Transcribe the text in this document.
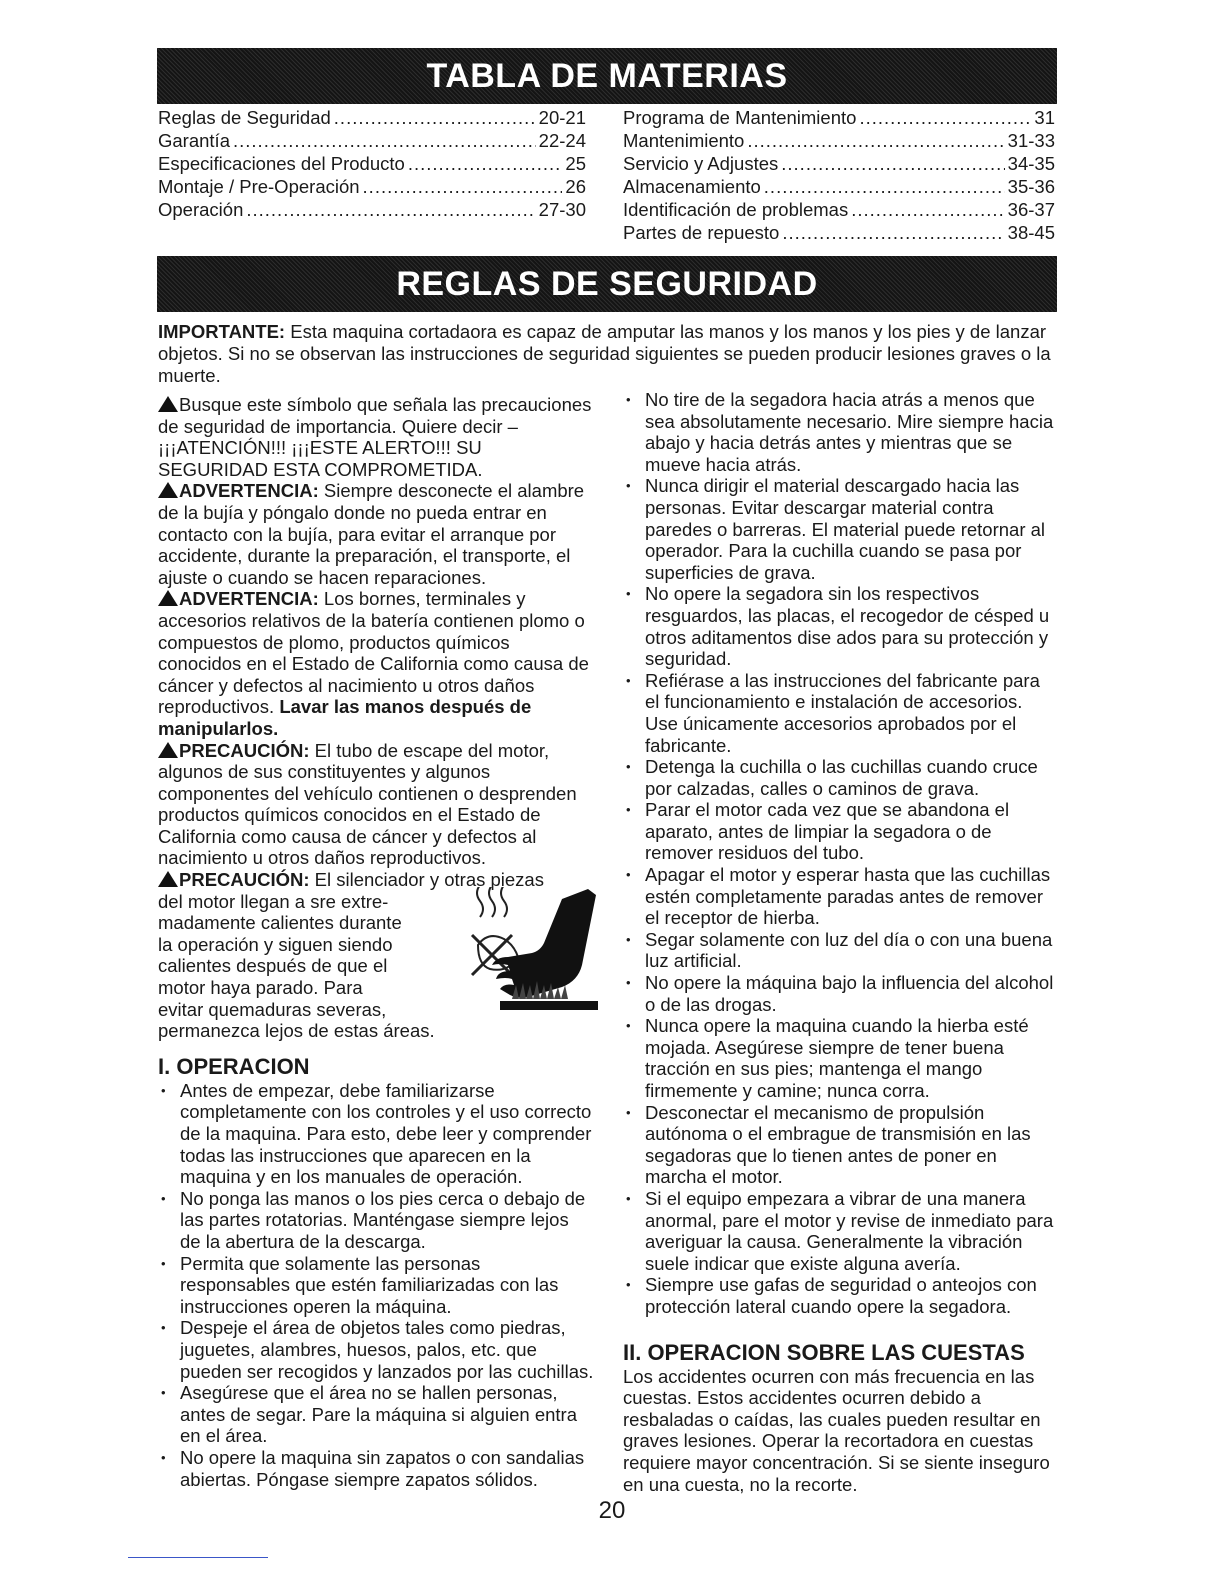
TABLA DE MATERIAS
Reglas de Seguridad .....	20-21
Garantía .....	22-24
Especificaciones del Producto .....	25
Montaje / Pre-Operación .....	26
Operación .....	27-30
Programa de Mantenimiento .....	31
Mantenimiento .....	31-33
Servicio y Adjustes .....	34-35
Almacenamiento .....	35-36
Identificación de problemas .....	36-37
Partes de repuesto .....	38-45
REGLAS DE SEGURIDAD
IMPORTANTE: Esta maquina cortadaora es capaz de amputar las manos y los manos y los pies y de lanzar objetos. Si no se observan las instrucciones de seguridad siguientes se pueden producir lesiones graves o la muerte.

Busque este símbolo que señala las precauciones de seguridad de importancia. Quiere decir – ¡¡¡ATENCIÓN!!! ¡¡¡ESTE ALERTO!!! SU SEGURIDAD ESTA COMPROMETIDA.

ADVERTENCIA: Siempre desconecte el alambre de la bujía y póngalo donde no pueda entrar en contacto con la bujía, para evitar el arranque por accidente, durante la preparación, el transporte, el ajuste o cuando se hacen reparaciones.

ADVERTENCIA: Los bornes, terminales y accesorios relativos de la batería contienen plomo o compuestos de plomo, productos químicos conocidos en el Estado de California como causa de cáncer y defectos al nacimiento u otros daños reproductivos. Lavar las manos después de manipularlos.

PRECAUCIÓN: El tubo de escape del motor, algunos de sus constituyentes y algunos componentes del vehículo contienen o desprenden productos químicos conocidos en el Estado de California como causa de cáncer y defectos al nacimiento u otros daños reproductivos.

PRECAUCIÓN: El silenciador y otras piezas
del motor llegan a sre extre-
madamente calientes durante
la operación y siguen siendo
calientes después de que el
motor haya parado. Para
evitar quemaduras severas,
permanezca lejos de estas áreas.

I. OPERACION

• Antes de empezar, debe familiarizarse completamente con los controles y el uso correcto de la maquina. Para esto, debe leer y comprender todas las instrucciones que aparecen en la maquina y en los manuales de operación.
• No ponga las manos o los pies cerca o debajo de las partes rotatorias. Manténgase siempre lejos de la abertura de la descarga.
• Permita que solamente las personas responsables que estén familiarizadas con las instrucciones operen la máquina.
• Despeje el área de objetos tales como piedras, juguetes, alambres, huesos, palos, etc. que pueden ser recogidos y lanzados por las cuchillas.
• Asegúrese que el área no se hallen personas, antes de segar. Pare la máquina si alguien entra en el área.
• No opere la maquina sin zapatos o con sandalias abiertas. Póngase siempre zapatos sólidos.
• No tire de la segadora hacia atrás a menos que sea absolutamente necesario. Mire siempre hacia abajo y hacia detrás antes y mientras que se mueve hacia atrás.
• Nunca dirigir el material descargado hacia las personas. Evitar descargar material contra paredes o barreras. El material puede retornar al operador. Para la cuchilla cuando se pasa por superficies de grava.
• No opere la segadora sin los respectivos resguardos, las placas, el recogedor de césped u otros aditamentos dise ados para su protección y seguridad.
• Refiérase a las instrucciones del fabricante para el funcionamiento e instalación de accesorios. Use únicamente accesorios aprobados por el fabricante.
• Detenga la cuchilla o las cuchillas cuando cruce por calzadas, calles o caminos de grava.
• Parar el motor cada vez que se abandona el aparato, antes de limpiar la segadora o de remover residuos del tubo.
• Apagar el motor y esperar hasta que las cuchillas estén completamente paradas antes de remover el receptor de hierba.
• Segar solamente con luz del día o con una buena luz artificial.
• No opere la máquina bajo la influencia del alcohol o de las drogas.
• Nunca opere la maquina cuando la hierba esté mojada. Asegúrese siempre de tener buena tracción en sus pies; mantenga el mango firmemente y camine; nunca corra.
• Desconectar el mecanismo de propulsión autónoma o el embrague de transmisión en las segadoras que lo tienen antes de poner en marcha el motor.
• Si el equipo empezara a vibrar de una manera anormal, pare el motor y revise de inmediato para averiguar la causa. Generalmente la vibración suele indicar que existe alguna avería.
• Siempre use gafas de seguridad o anteojos con protección lateral cuando opere la segadora.

II. OPERACION SOBRE LAS CUESTAS

Los accidentes ocurren con más frecuencia en las cuestas. Estos accidentes ocurren debido a resbaladas o caídas, las cuales pueden resultar en graves lesiones. Operar la recortadora en cuestas requiere mayor concentración. Si se siente inseguro en una cuesta, no la recorte.

20
